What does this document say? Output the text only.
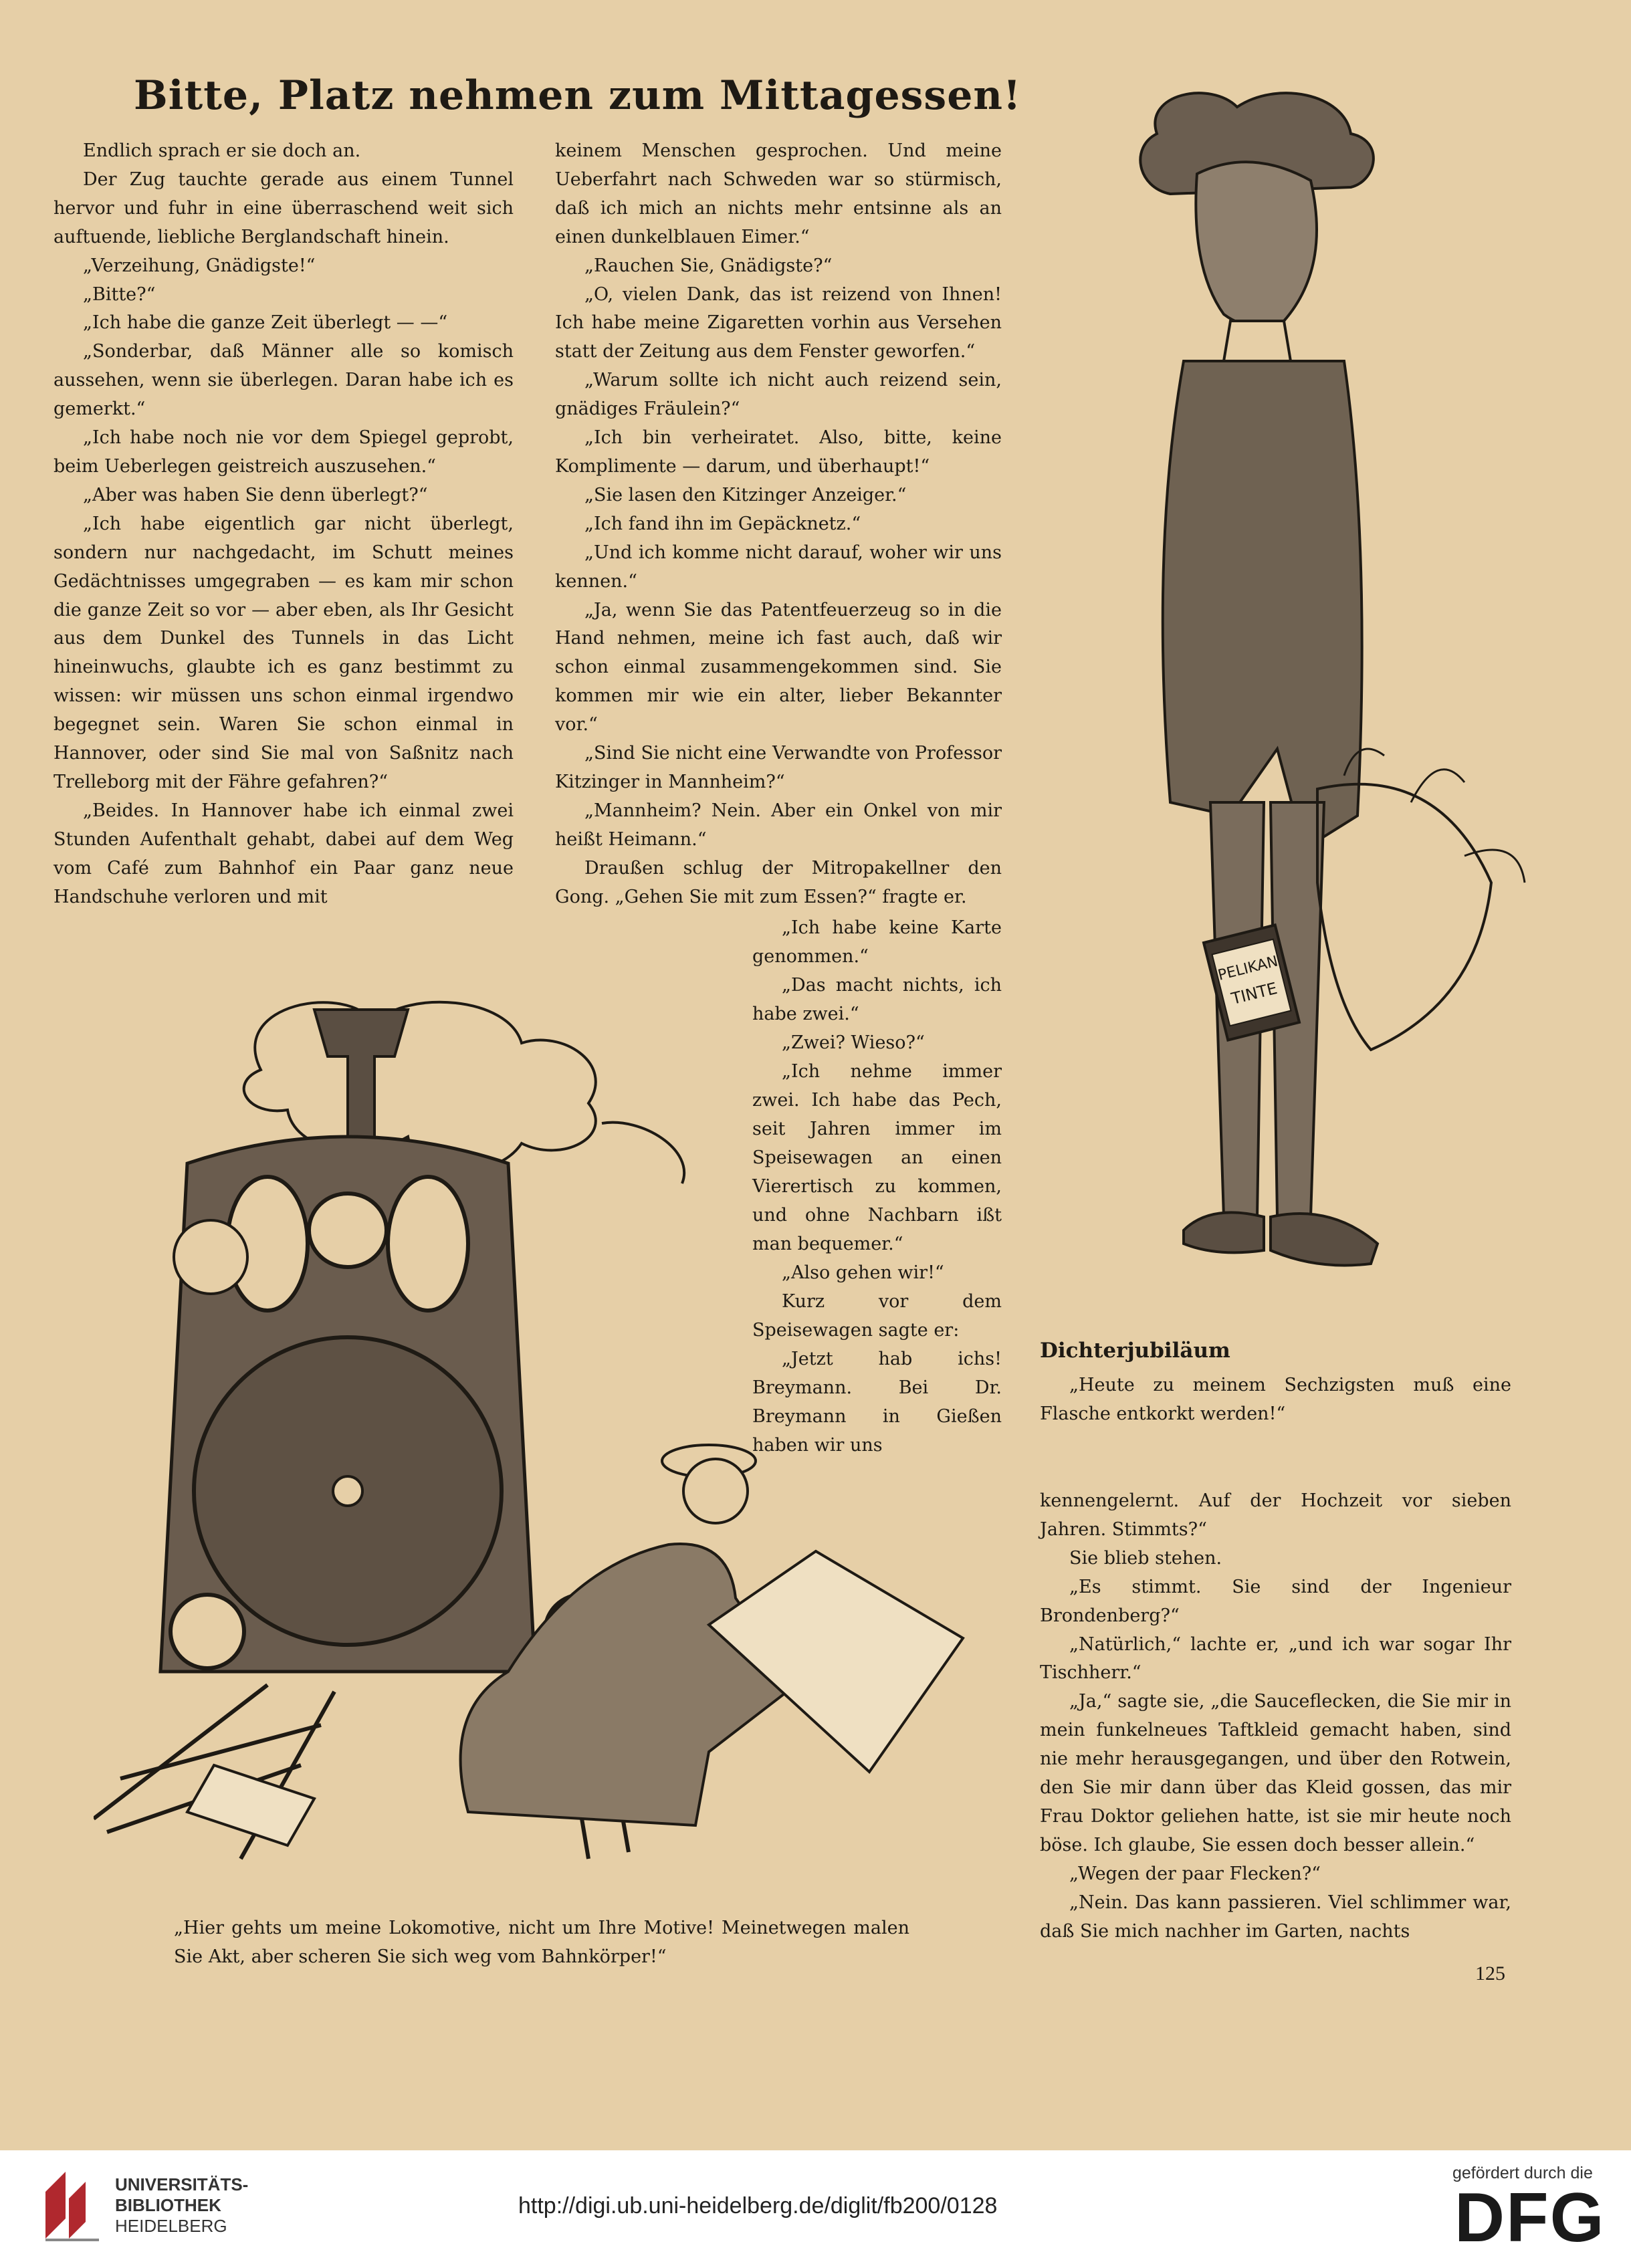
Bitte, Platz nehmen zum Mittagessen!

Endlich sprach er sie doch an.

Der Zug tauchte gerade aus einem Tunnel hervor und fuhr in eine überraschend weit sich auftuende, liebliche Berglandschaft hinein.

„Verzeihung, Gnädigste!“

„Bitte?“

„Ich habe die ganze Zeit überlegt — —“

„Sonderbar, daß Männer alle so komisch aussehen, wenn sie überlegen. Daran habe ich es gemerkt.“

„Ich habe noch nie vor dem Spiegel geprobt, beim Ueberlegen geistreich auszusehen.“

„Aber was haben Sie denn überlegt?“

„Ich habe eigentlich gar nicht überlegt, sondern nur nachgedacht, im Schutt meines Gedächtnisses umgegraben — es kam mir schon die ganze Zeit so vor — aber eben, als Ihr Gesicht aus dem Dunkel des Tunnels in das Licht hineinwuchs, glaubte ich es ganz bestimmt zu wissen: wir müssen uns schon einmal irgendwo begegnet sein. Waren Sie schon einmal in Hannover, oder sind Sie mal von Saßnitz nach Trelleborg mit der Fähre gefahren?“

„Beides. In Hannover habe ich einmal zwei Stunden Aufenthalt gehabt, dabei auf dem Weg vom Café zum Bahnhof ein Paar ganz neue Handschuhe verloren und mit

keinem Menschen gesprochen. Und meine Ueberfahrt nach Schweden war so stürmisch, daß ich mich an nichts mehr entsinne als an einen dunkelblauen Eimer.“

„Rauchen Sie, Gnädigste?“

„O, vielen Dank, das ist reizend von Ihnen! Ich habe meine Zigaretten vorhin aus Versehen statt der Zeitung aus dem Fenster geworfen.“

„Warum sollte ich nicht auch reizend sein, gnädiges Fräulein?“

„Ich bin verheiratet. Also, bitte, keine Komplimente — darum, und überhaupt!“

„Sie lasen den Kitzinger Anzeiger.“

„Ich fand ihn im Gepäcknetz.“

„Und ich komme nicht darauf, woher wir uns kennen.“

„Ja, wenn Sie das Patentfeuerzeug so in die Hand nehmen, meine ich fast auch, daß wir schon einmal zusammengekommen sind. Sie kommen mir wie ein alter, lieber Bekannter vor.“

„Sind Sie nicht eine Verwandte von Professor Kitzinger in Mannheim?“

„Mannheim? Nein. Aber ein Onkel von mir heißt Heimann.“

Draußen schlug der Mitropakellner den Gong. „Gehen Sie mit zum Essen?“ fragte er.

„Ich habe keine Karte genommen.“

„Das macht nichts, ich habe zwei.“

„Zwei? Wieso?“

„Ich nehme immer zwei. Ich habe das Pech, seit Jahren immer im Speisewagen an einen Vierertisch zu kommen, und ohne Nachbarn ißt man bequemer.“

„Also gehen wir!“

Kurz vor dem Speisewagen sagte er:

„Jetzt hab ichs! Breymann. Bei Dr. Breymann in Gießen haben wir uns

kennengelernt. Auf der Hochzeit vor sieben Jahren. Stimmts?“

Sie blieb stehen.

„Es stimmt. Sie sind der Ingenieur Brondenberg?“

„Natürlich,“ lachte er, „und ich war sogar Ihr Tischherr.“

„Ja,“ sagte sie, „die Sauceflecken, die Sie mir in mein funkelneues Taftkleid gemacht haben, sind nie mehr herausgegangen, und über den Rotwein, den Sie mir dann über das Kleid gossen, das mir Frau Doktor geliehen hatte, ist sie mir heute noch böse. Ich glaube, Sie essen doch besser allein.“

„Wegen der paar Flecken?“

„Nein. Das kann passieren. Viel schlimmer war, daß Sie mich nachher im Garten, nachts

PELIKAN
TINTE
„Hier gehts um meine Lokomotive, nicht um Ihre Motive! Meinetwegen malen Sie Akt, aber scheren Sie sich weg vom Bahnkörper!“
Dichterjubiläum
„Heute zu meinem Sechzigsten muß eine Flasche entkorkt werden!“
125
UNIVERSITÄTS-
BIBLIOTHEK
HEIDELBERG
http://digi.ub.uni-heidelberg.de/diglit/fb200/0128
gefördert durch die
DFG
